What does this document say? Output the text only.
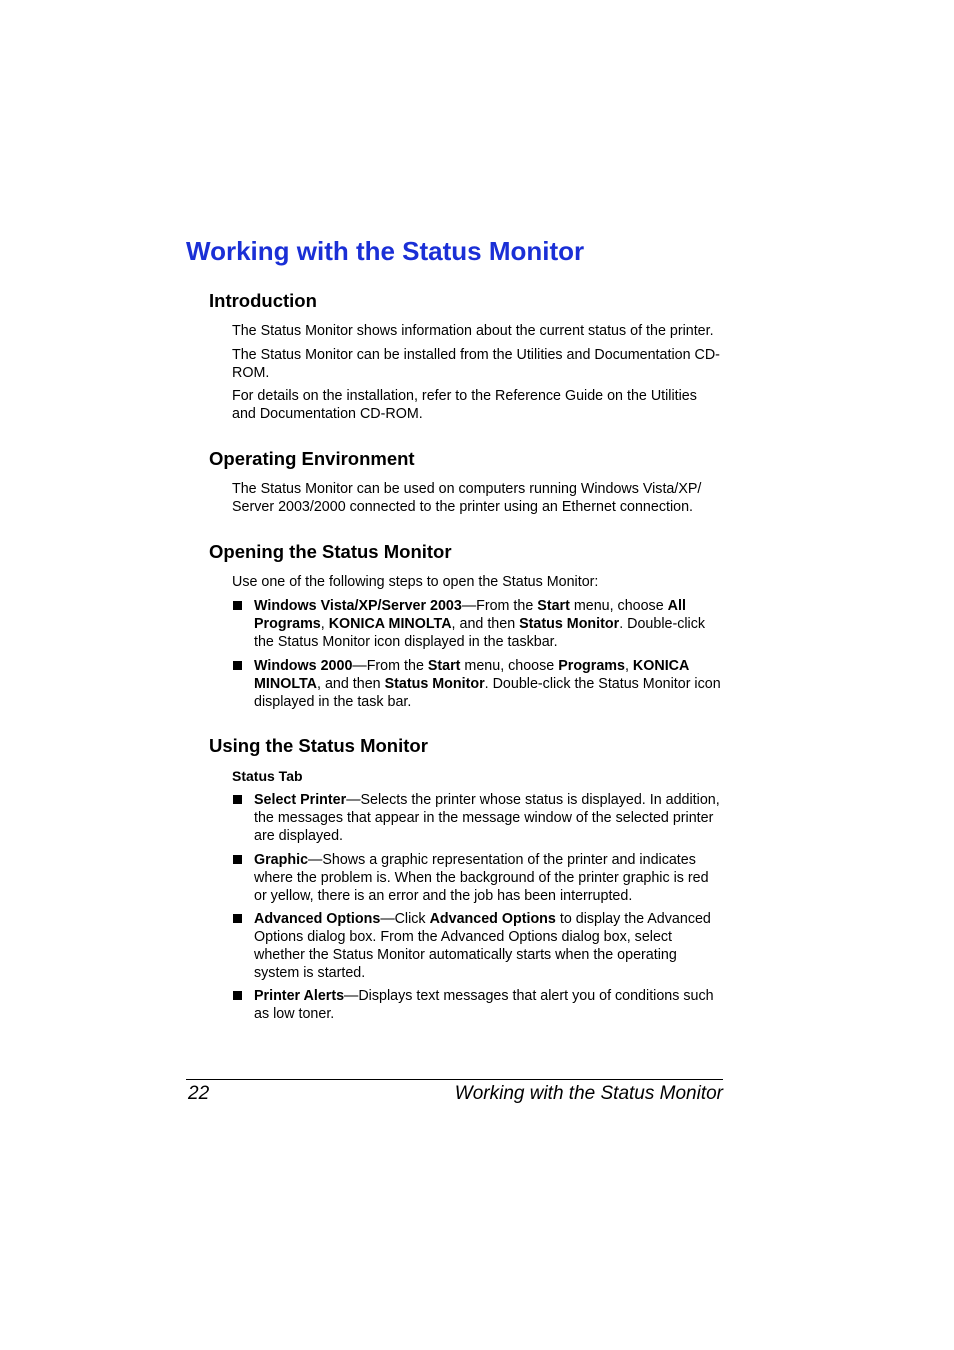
Working with the Status Monitor
Introduction

The Status Monitor shows information about the current status of the printer.

The Status Monitor can be installed from the Utilities and Documentation CD-ROM.

For details on the installation, refer to the Reference Guide on the Utilities and Documentation CD-ROM.

Operating Environment

The Status Monitor can be used on computers running Windows Vista/XP/ Server 2003/2000 connected to the printer using an Ethernet connection.

Opening the Status Monitor

Use one of the following steps to open the Status Monitor:

Windows Vista/XP/Server 2003—From the Start menu, choose All Programs, KONICA MINOLTA, and then Status Monitor. Double-click the Status Monitor icon displayed in the taskbar.
Windows 2000—From the Start menu, choose Programs, KONICA MINOLTA, and then Status Monitor. Double-click the Status Monitor icon displayed in the task bar.
Using the Status Monitor
Status Tab
Select Printer—Selects the printer whose status is displayed. In addition, the messages that appear in the message window of the selected printer are displayed.
Graphic—Shows a graphic representation of the printer and indicates where the problem is. When the background of the printer graphic is red or yellow, there is an error and the job has been interrupted.
Advanced Options—Click Advanced Options to display the Advanced Options dialog box. From the Advanced Options dialog box, select whether the Status Monitor automatically starts when the operating system is started.
Printer Alerts—Displays text messages that alert you of conditions such as low toner.
22	Working with the Status Monitor
